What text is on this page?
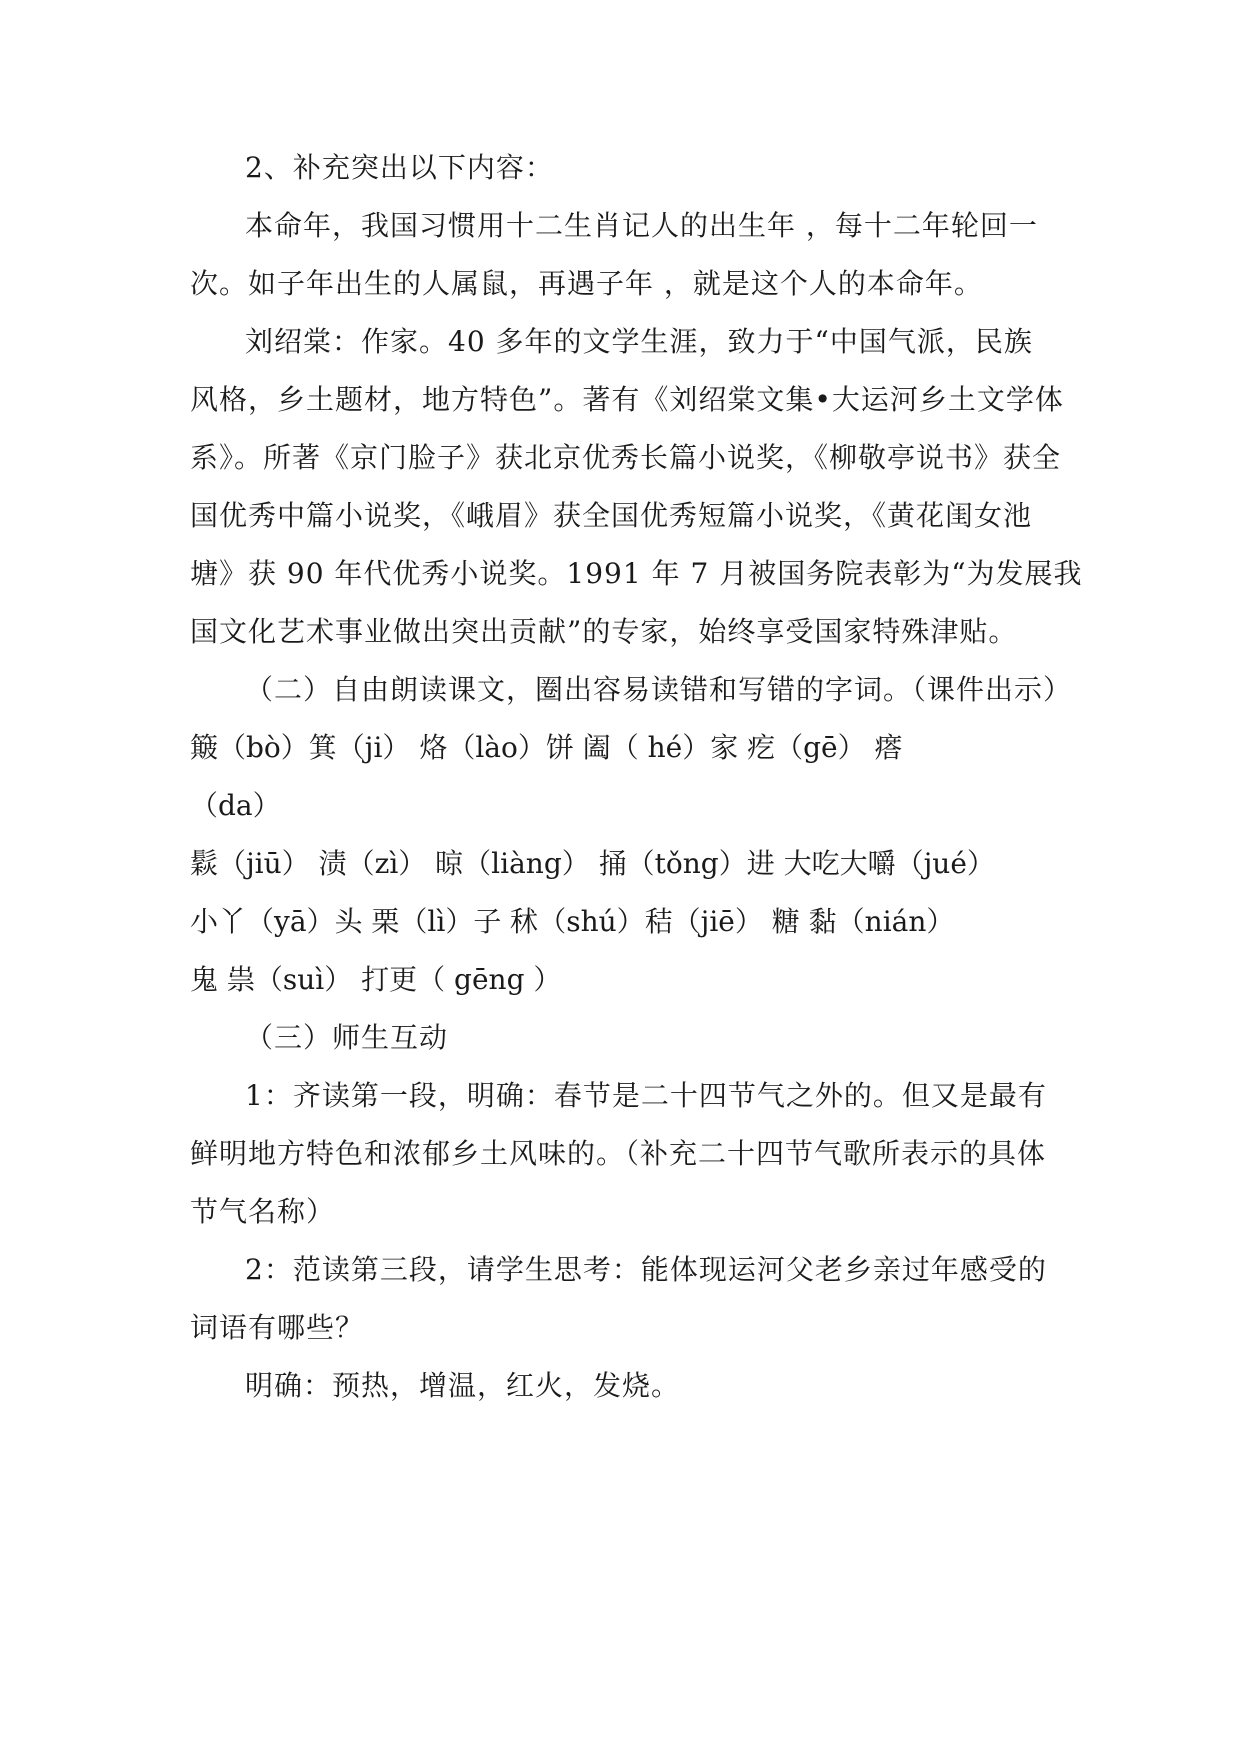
2、补充突出以下内容：
本命年，我国习惯用十二生肖记人的出生年 ，每十二年轮回一
次。如子年出生的人属鼠，再遇子年 ，就是这个人的本命年。
刘绍棠：作家。40 多年的文学生涯，致力于“中国气派，民族
风格，乡土题材，地方特色”。著有《刘绍棠文集•大运河乡土文学体
系》。所著《京门脸子》获北京优秀长篇小说奖，《柳敬亭说书》获全
国优秀中篇小说奖，《峨眉》获全国优秀短篇小说奖，《黄花闺女池
塘》获 90 年代优秀小说奖。1991 年 7 月被国务院表彰为“为发展我
国文化艺术事业做出突出贡献”的专家，始终享受国家特殊津贴。
（二）自由朗读课文，圈出容易读错和写错的字词。（课件出示）
簸（bò）箕（ji） 烙（lào）饼 阖（ hé）家 疙（gē） 瘩
（da）
鬏（jiū） 渍（zì） 晾（liàng） 捅（tǒng）进 大吃大嚼（jué）
小丫（yā）头 栗（lì）子 秫（shú）秸（jiē） 糖 黏（nián）
鬼 祟（suì） 打更（ gēng ）
（三）师生互动
1：齐读第一段，明确：春节是二十四节气之外的。但又是最有
鲜明地方特色和浓郁乡土风味的。（补充二十四节气歌所表示的具体
节气名称）
2：范读第三段，请学生思考：能体现运河父老乡亲过年感受的
词语有哪些？
明确：预热，增温，红火，发烧。
